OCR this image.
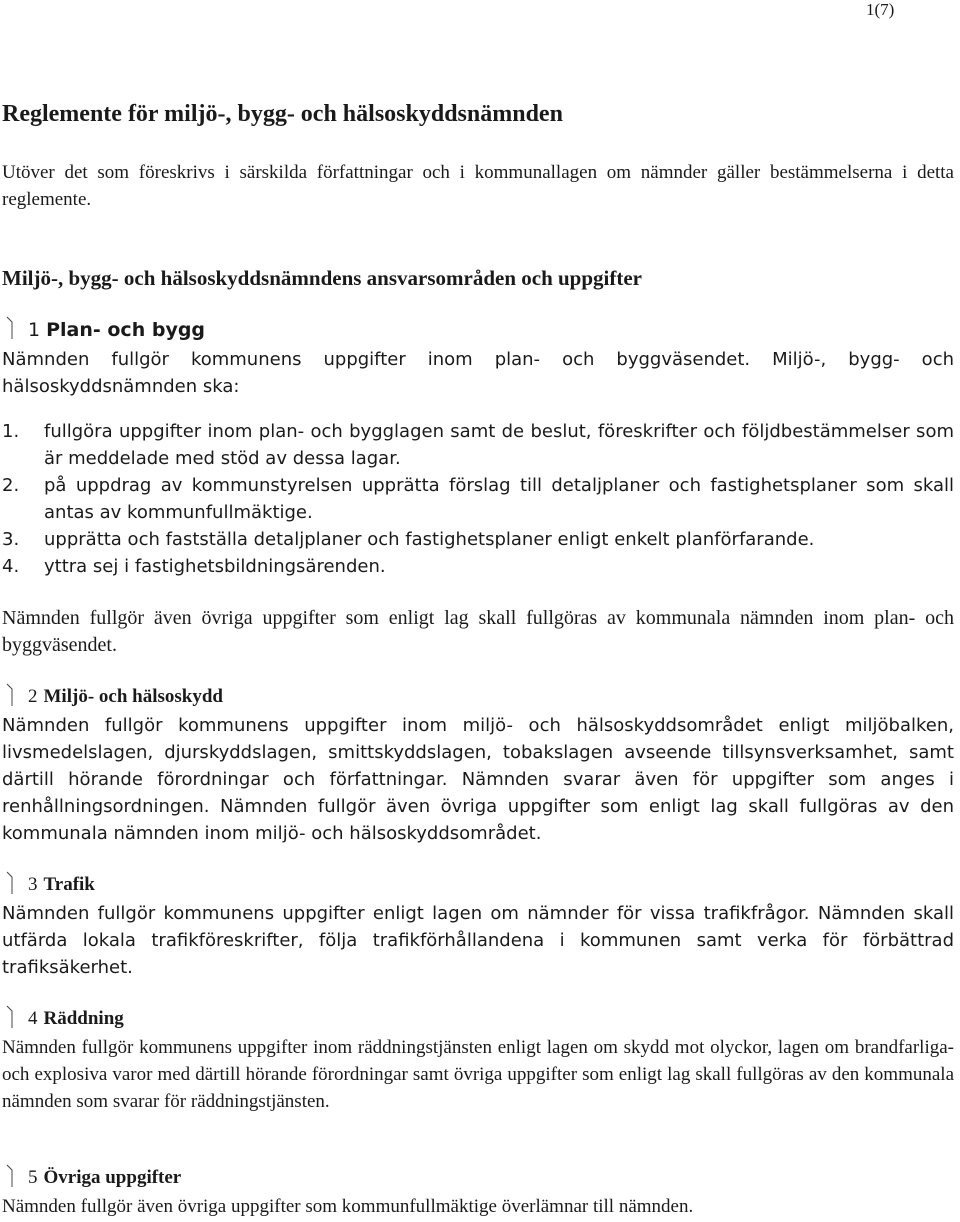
1(7)
Reglemente för miljö-, bygg- och hälsoskyddsnämnden

Utöver det som föreskrivs i särskilda författningar och i kommunallagen om nämnder gäller bestämmelserna i detta reglemente.

Miljö-, bygg- och hälsoskyddsnämndens ansvarsområden och uppgifter
1 Plan- och bygg

Nämnden fullgör kommunens uppgifter inom plan- och byggväsendet. Miljö-, bygg- och hälsoskyddsnämnden ska:

1.	fullgöra uppgifter inom plan- och bygglagen samt de beslut, föreskrifter och följdbestämmelser som är meddelade med stöd av dessa lagar.
2.	på uppdrag av kommunstyrelsen upprätta förslag till detaljplaner och fastighetsplaner som skall antas av kommunfullmäktige.
3.	upprätta och fastställa detaljplaner och fastighetsplaner enligt enkelt planförfarande.
4.	yttra sej i fastighetsbildningsärenden.

Nämnden fullgör även övriga uppgifter som enligt lag skall fullgöras av kommunala nämnden inom plan- och byggväsendet.

2 Miljö- och hälsoskydd

Nämnden fullgör kommunens uppgifter inom miljö- och hälsoskyddsområdet enligt miljöbalken, livsmedelslagen, djurskyddslagen, smittskyddslagen, tobakslagen avseende tillsynsverksamhet, samt därtill hörande förordningar och författningar. Nämnden svarar även för uppgifter som anges i renhållningsordningen. Nämnden fullgör även övriga uppgifter som enligt lag skall fullgöras av den kommunala nämnden inom miljö- och hälsoskyddsområdet.

3 Trafik

Nämnden fullgör kommunens uppgifter enligt lagen om nämnder för vissa trafikfrågor. Nämnden skall utfärda lokala trafikföreskrifter, följa trafikförhållandena i kommunen samt verka för förbättrad trafiksäkerhet.

4 Räddning

Nämnden fullgör kommunens uppgifter inom räddningstjänsten enligt lagen om skydd mot olyckor, lagen om brandfarliga- och explosiva varor med därtill hörande förordningar samt övriga uppgifter som enligt lag skall fullgöras av den kommunala nämnden som svarar för räddningstjänsten.

5 Övriga uppgifter

Nämnden fullgör även övriga uppgifter som kommunfullmäktige överlämnar till nämnden.
